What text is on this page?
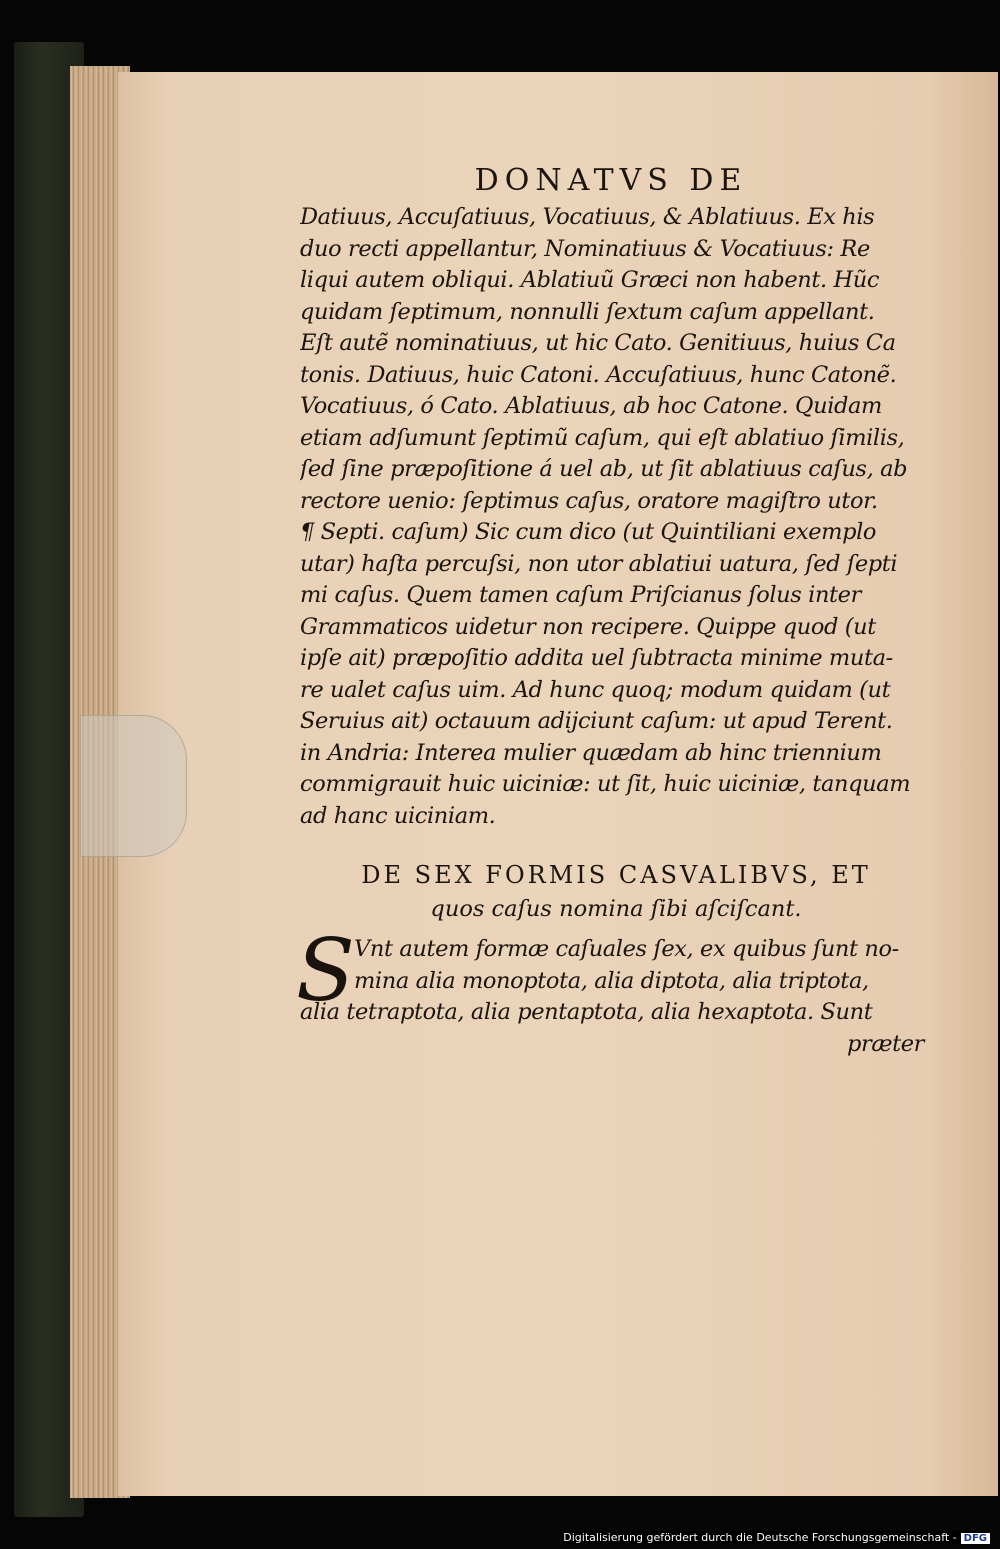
DONATVS DE
Datiuus, Accuſatiuus, Vocatiuus, & Ablatiuus. Ex his
duo recti appellantur, Nominatiuus & Vocatiuus: Re
liqui autem obliqui. Ablatiuũ Græci non habent. Hũc
quidam ſeptimum, nonnulli ſextum caſum appellant.
Eſt autẽ nominatiuus, ut hic Cato. Genitiuus, huius Ca
tonis. Datiuus, huic Catoni. Accuſatiuus, hunc Catonẽ.
Vocatiuus, ó Cato. Ablatiuus, ab hoc Catone. Quidam
etiam adſumunt ſeptimũ caſum, qui eſt ablatiuo ſimilis,
ſed ſine præpoſitione á uel ab, ut ſit ablatiuus caſus, ab
rectore uenio: ſeptimus caſus, oratore magiſtro utor.
¶ Septi. caſum) Sic cum dico (ut Quintiliani exemplo
utar) haſta percuſsi, non utor ablatiui uatura, ſed ſepti
mi caſus. Quem tamen caſum Priſcianus ſolus inter
Grammaticos uidetur non recipere. Quippe quod (ut
ipſe ait) præpoſitio addita uel ſubtracta minime muta-
re ualet caſus uim. Ad hunc quoq; modum quidam (ut
Seruius ait) octauum adijciunt caſum: ut apud Terent.
in Andria: Interea mulier quædam ab hinc triennium
commigrauit huic uiciniæ: ut ſit, huic uiciniæ, tanquam
ad hanc uiciniam.
DE SEX FORMIS CASVALIBVS, ET
quos caſus nomina ſibi aſciſcant.
S Vnt autem formæ caſuales ſex, ex quibus ſunt no-
mina alia monoptota, alia diptota, alia triptota,
alia tetraptota, alia pentaptota, alia hexaptota. Sunt
præter
Digitalisierung gefördert durch die Deutsche Forschungsgemeinschaft - DFG
